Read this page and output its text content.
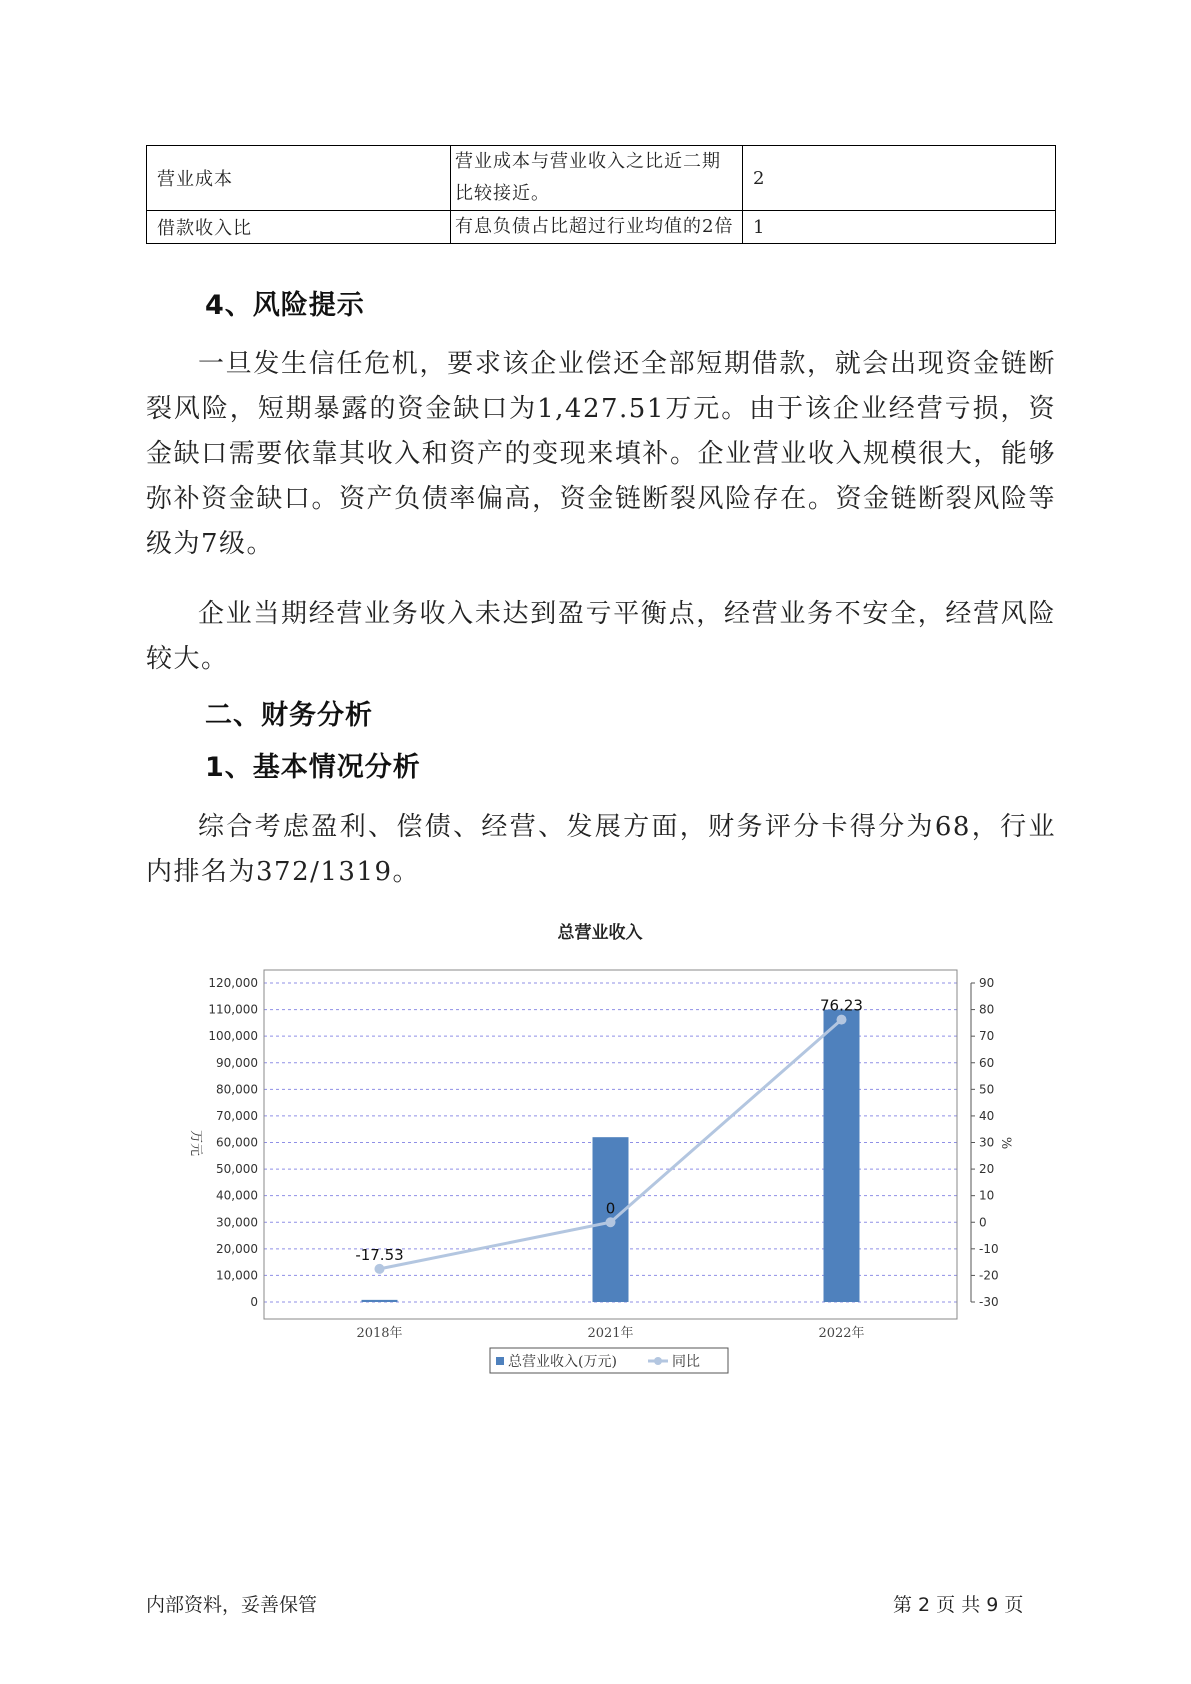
营业成本	营业成本与营业收入之比近二期比较接近。	2
借款收入比	有息负债占比超过行业均值的2倍	1
4、风险提示
一旦发生信任危机，要求该企业偿还全部短期借款，就会出现资金链断裂风险，短期暴露的资金缺口为1,427.51万元。由于该企业经营亏损，资金缺口需要依靠其收入和资产的变现来填补。企业营业收入规模很大，能够弥补资金缺口。资产负债率偏高，资金链断裂风险存在。资金链断裂风险等级为7级。
企业当期经营业务收入未达到盈亏平衡点，经营业务不安全，经营风险较大。
二、财务分析
1、基本情况分析
综合考虑盈利、偿债、经营、发展方面，财务评分卡得分为68，行业内排名为372/1319。
0
10,000
20,000
30,000
40,000
50,000
60,000
70,000
80,000
90,000
100,000
110,000
120,000
-30
-20
-10
0
10
20
30
40
50
60
70
80
90
-17.53
0
76.23
2018年	2021年	2022年
总营业收入
万元	%
总营业收入(万元)	同比
内部资料，妥善保管	第 2 页 共 9 页
